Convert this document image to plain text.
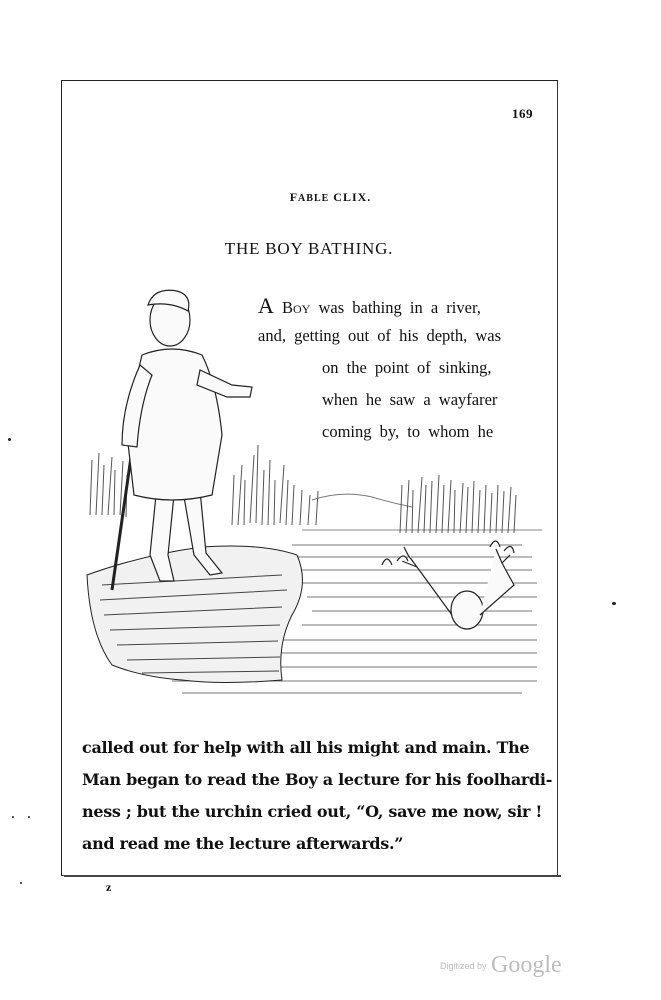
169
Fable CLIX.
THE BOY BATHING.
A Boy was bathing in a river,
and, getting out of his depth, was
on the point of sinking,
when he saw a wayfarer
coming by, to whom he
called out for help with all his might and main. The
Man began to read the Boy a lecture for his foolhardi-
ness ; but the urchin cried out, “O, save me now, sir !
and read me the lecture afterwards.”
z
Digitized by Google
